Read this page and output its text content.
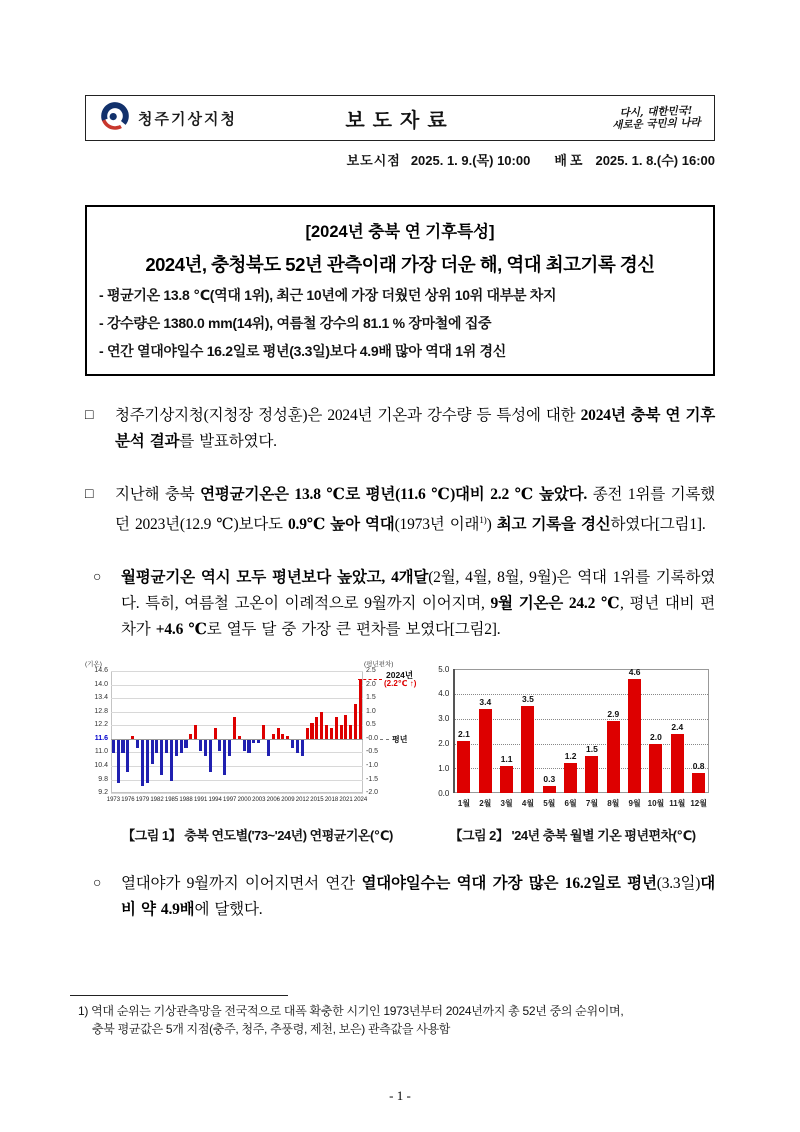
청주기상지청	보도자료	다시, 대한민국!
새로운 국민의 나라
보도시점 2025. 1. 9.(목) 10:00 배포 2025. 1. 8.(수) 16:00
[2024년 충북 연 기후특성]
2024년, 충청북도 52년 관측이래 가장 더운 해, 역대 최고기록 경신
- 평균기온 13.8 ℃(역대 1위), 최근 10년에 가장 더웠던 상위 10위 대부분 차지
- 강수량은 1380.0 mm(14위), 여름철 강수의 81.1 % 장마철에 집중
- 연간 열대야일수 16.2일로 평년(3.3일)보다 4.9배 많아 역대 1위 경신
□ 청주기상지청(지청장 정성훈)은 2024년 기온과 강수량 등 특성에 대한 2024년 충북 연 기후분석 결과를 발표하였다.
□ 지난해 충북 연평균기온은 13.8 ℃로 평년(11.6 ℃)대비 2.2 ℃ 높았다. 종전 1위를 기록했던 2023년(12.9 ℃)보다도 0.9℃ 높아 역대(1973년 이래$^{1)}$) 최고 기록을 경신하였다[그림1].
○ 월평균기온 역시 모두 평년보다 높았고, 4개달(2월, 4월, 8월, 9월)은 역대 1위를 기록하였다. 특히, 여름철 고온이 이례적으로 9월까지 이어지며, 9월 기온은 24.2 ℃, 평년 대비 편차가 +4.6 ℃로 열두 달 중 가장 큰 편차를 보였다[그림2].
14.6	2.5
14.0	2.0
13.4	1.5
12.8	1.0
12.2	0.5
11.6	-0.0
11.0	-0.5
10.4	-1.0
9.8	-1.5
9.2	-2.0
(기온)	(평년편차)
1973 1976 1979 1982 1985 1988 1991 1994 1997 2000 2003 2006 2009 2012 2015 2018 2021 2024
평년
2024년
(2.2℃ ↑)
5.0
4.0
3.0
2.0
1.0
0.0
2.1
1월
3.4
2월
1.1
3월
3.5
4월
0.3
5월
1.2
6월
1.5
7월
2.9
8월
4.6
9월
2.0
10월
2.4
11월
0.8
12월
【그림 1】 충북 연도별('73~'24년) 연평균기온(℃)	【그림 2】 '24년 충북 월별 기온 평년편차(℃)
○ 열대야가 9월까지 이어지면서 연간 열대야일수는 역대 가장 많은 16.2일로 평년(3.3일)대비 약 4.9배에 달했다.
1) 역대 순위는 기상관측망을 전국적으로 대폭 확충한 시기인 1973년부터 2024년까지 총 52년 중의 순위이며,
충북 평균값은 5개 지점(충주, 청주, 추풍령, 제천, 보은) 관측값을 사용함
- 1 -
